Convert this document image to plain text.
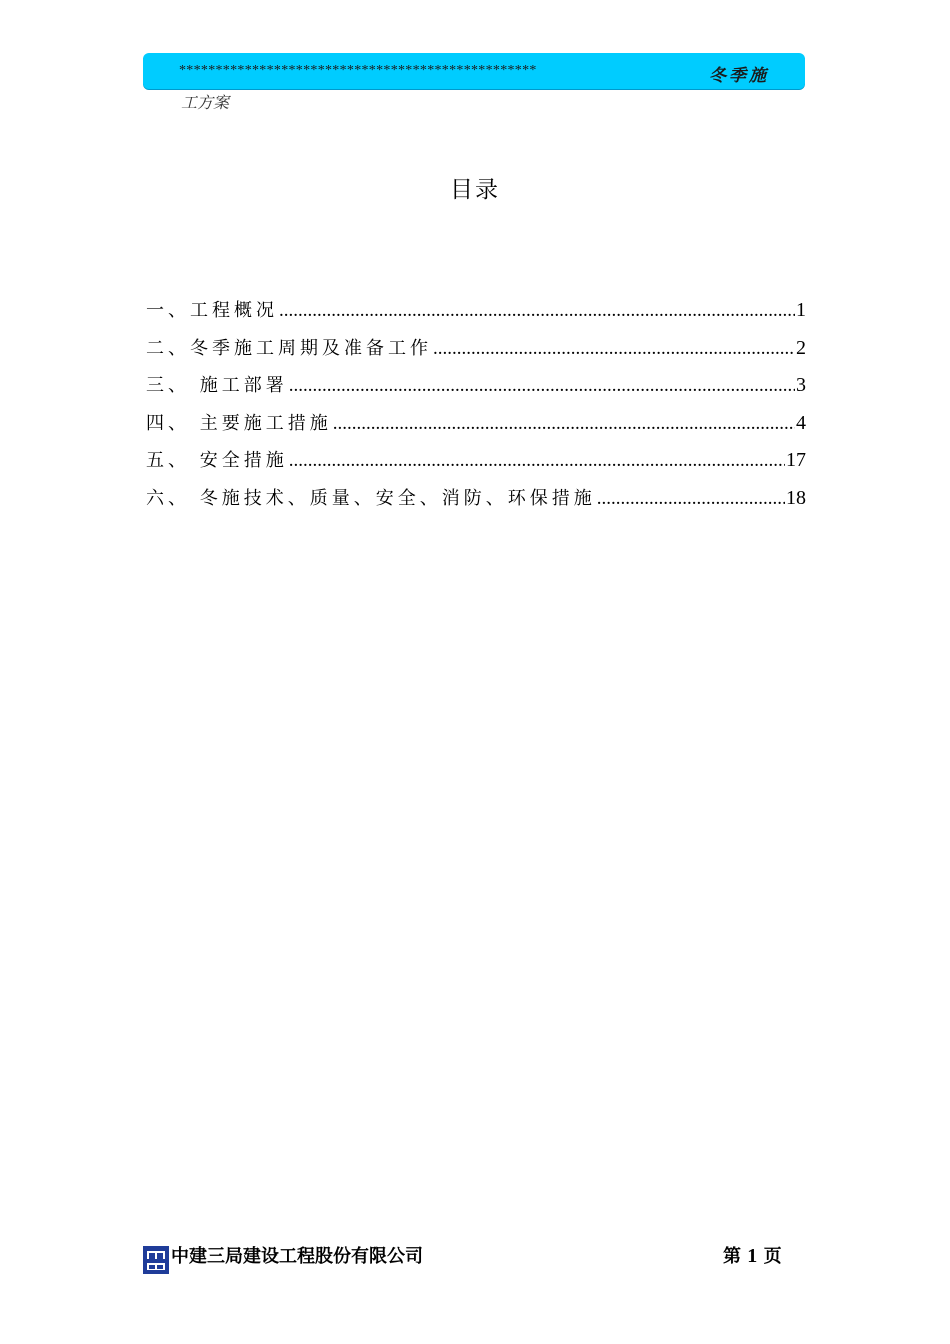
*************************************************	冬季施
工方案
目录
一、工程概况 .....	1
二、冬季施工周期及准备工作 .....	2
三、 施工部署 .....	3
四、 主要施工措施 .....	4
五、 安全措施 .....	17
六、 冬施技术、质量、安全、消防、环保措施 .....	18
中建三局建设工程股份有限公司	第 1 页
